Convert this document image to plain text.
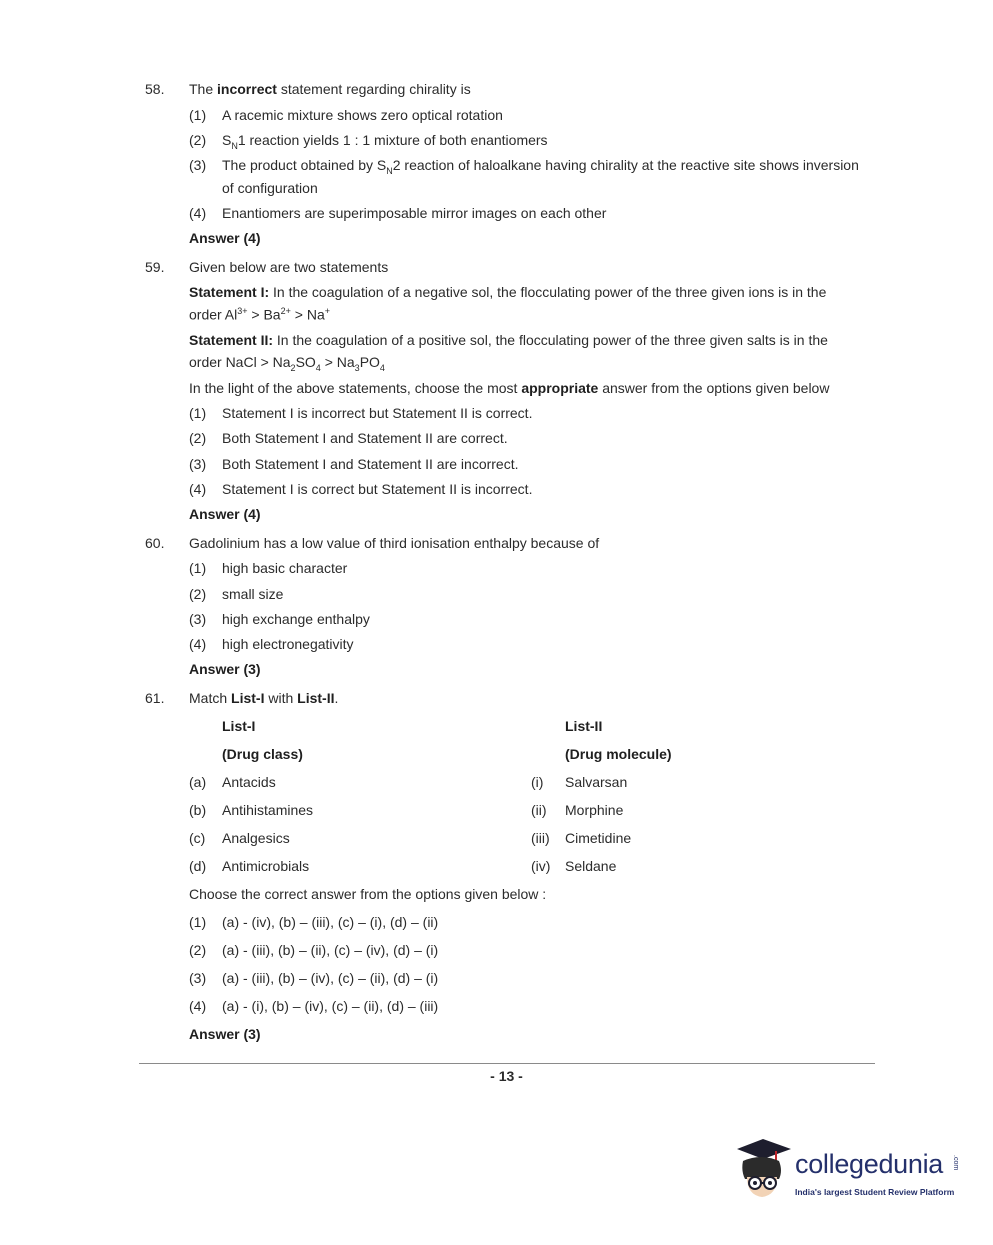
58. The incorrect statement regarding chirality is
(1) A racemic mixture shows zero optical rotation
(2) $S_N1$ reaction yields 1 : 1 mixture of both enantiomers
(3) The product obtained by $S_N2$ reaction of haloalkane having chirality at the reactive site shows inversion
of configuration
(4) Enantiomers are superimposable mirror images on each other
Answer (4)
59. Given below are two statements
Statement I: In the coagulation of a negative sol, the flocculating power of the three given ions is in the
order $Al^{3+} > Ba^{2+} > Na^+$
Statement II: In the coagulation of a positive sol, the flocculating power of the three given salts is in the
order NaCl > $Na_2SO_4 > Na_3PO_4$
In the light of the above statements, choose the most appropriate answer from the options given below
(1) Statement I is incorrect but Statement II is correct.
(2) Both Statement I and Statement II are correct.
(3) Both Statement I and Statement II are incorrect.
(4) Statement I is correct but Statement II is incorrect.
Answer (4)
60. Gadolinium has a low value of third ionisation enthalpy because of
(1) high basic character
(2) small size
(3) high exchange enthalpy
(4) high electronegativity
Answer (3)
61. Match List-I with List-II.
List-I	List-II
(Drug class)	(Drug molecule)
(a) Antacids	(i) Salvarsan
(b) Antihistamines	(ii) Morphine
(c) Analgesics	(iii) Cimetidine
(d) Antimicrobials	(iv) Seldane
Choose the correct answer from the options given below :
(1) (a) - (iv), (b) – (iii), (c) – (i), (d) – (ii)
(2) (a) - (iii), (b) – (ii), (c) – (iv), (d) – (i)
(3) (a) - (iii), (b) – (iv), (c) – (ii), (d) – (i)
(4) (a) - (i), (b) – (iv), (c) – (ii), (d) – (iii)
Answer (3)
- 13 -
collegedunia .com
India's largest Student Review Platform
